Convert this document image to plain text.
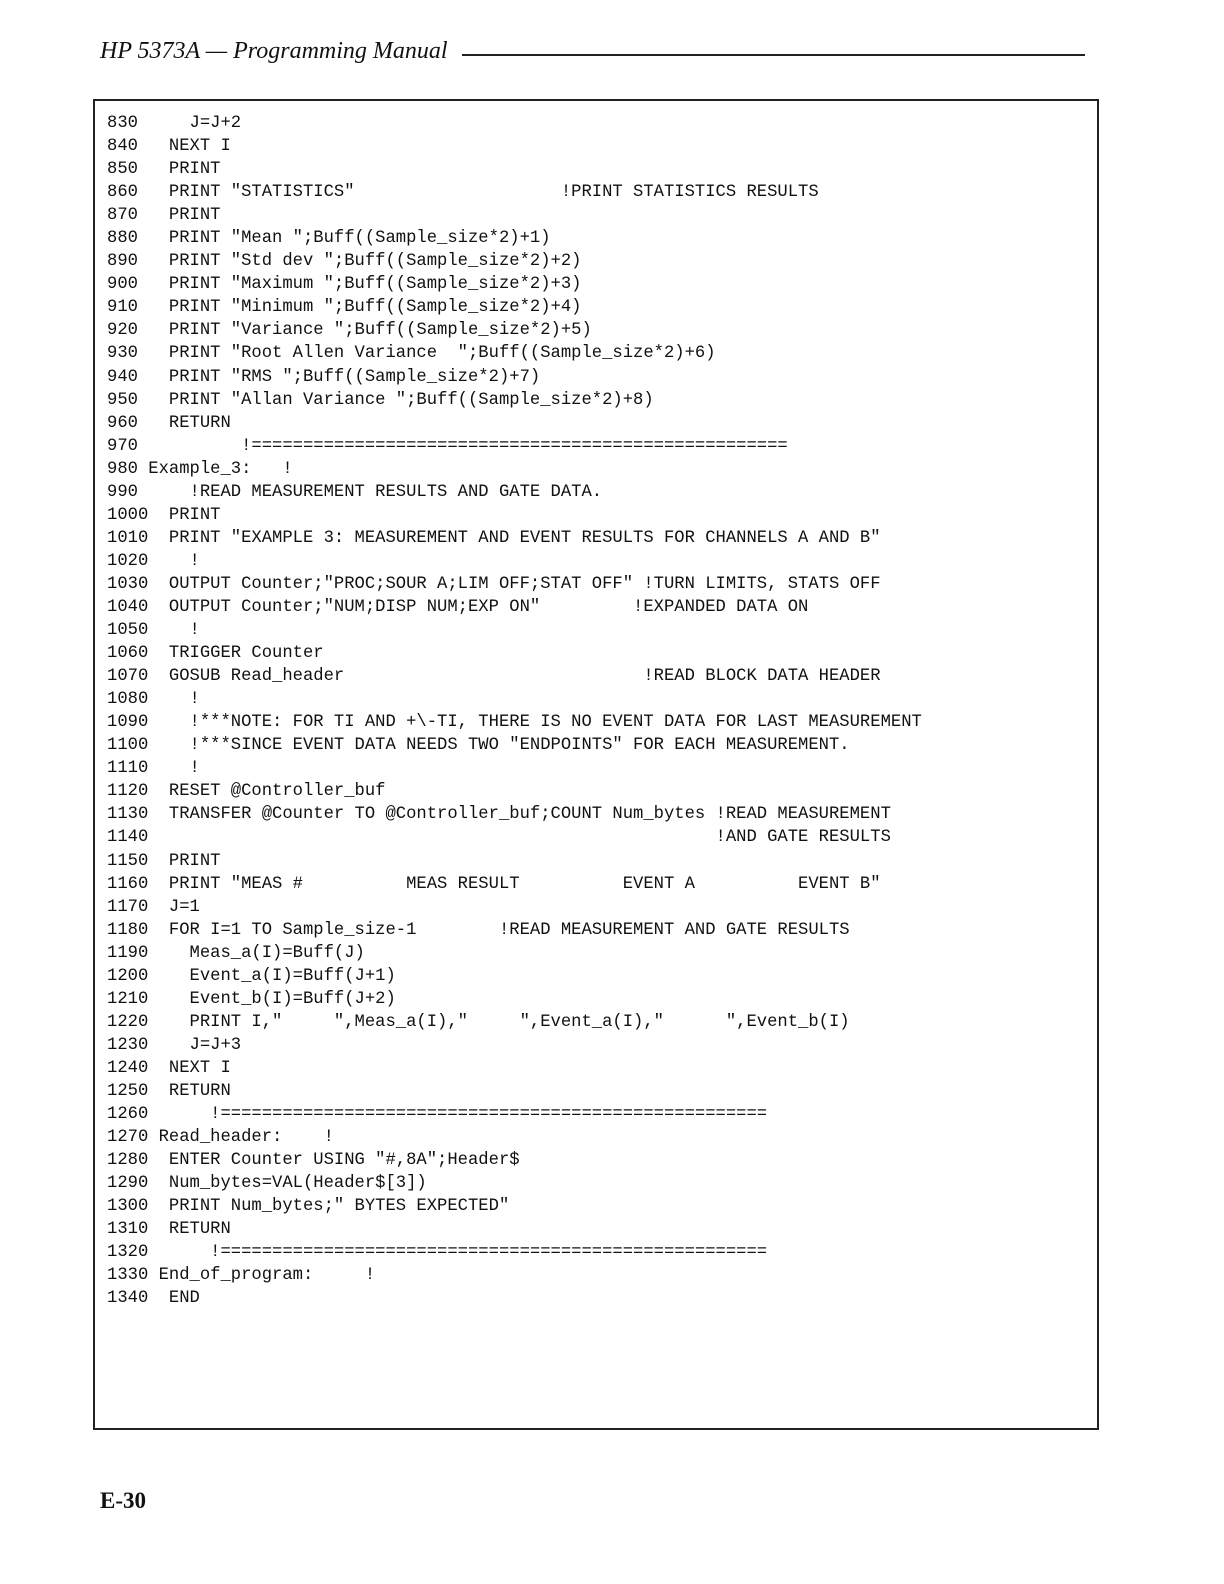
HP 5373A — Programming Manual
830     J=J+2
840   NEXT I
850   PRINT
860   PRINT "STATISTICS"                    !PRINT STATISTICS RESULTS
870   PRINT
880   PRINT "Mean ";Buff((Sample_size*2)+1)
890   PRINT "Std dev ";Buff((Sample_size*2)+2)
900   PRINT "Maximum ";Buff((Sample_size*2)+3)
910   PRINT "Minimum ";Buff((Sample_size*2)+4)
920   PRINT "Variance ";Buff((Sample_size*2)+5)
930   PRINT "Root Allen Variance  ";Buff((Sample_size*2)+6)
940   PRINT "RMS ";Buff((Sample_size*2)+7)
950   PRINT "Allan Variance ";Buff((Sample_size*2)+8)
960   RETURN
970          !====================================================
980 Example_3:   !
990     !READ MEASUREMENT RESULTS AND GATE DATA.
1000  PRINT
1010  PRINT "EXAMPLE 3: MEASUREMENT AND EVENT RESULTS FOR CHANNELS A AND B"
1020    !
1030  OUTPUT Counter;"PROC;SOUR A;LIM OFF;STAT OFF" !TURN LIMITS, STATS OFF
1040  OUTPUT Counter;"NUM;DISP NUM;EXP ON"         !EXPANDED DATA ON
1050    !
1060  TRIGGER Counter
1070  GOSUB Read_header                             !READ BLOCK DATA HEADER
1080    !
1090    !***NOTE: FOR TI AND +\-TI, THERE IS NO EVENT DATA FOR LAST MEASUREMENT
1100    !***SINCE EVENT DATA NEEDS TWO "ENDPOINTS" FOR EACH MEASUREMENT.
1110    !
1120  RESET @Controller_buf
1130  TRANSFER @Counter TO @Controller_buf;COUNT Num_bytes !READ MEASUREMENT
1140                                                       !AND GATE RESULTS
1150  PRINT
1160  PRINT "MEAS #          MEAS RESULT          EVENT A          EVENT B"
1170  J=1
1180  FOR I=1 TO Sample_size-1        !READ MEASUREMENT AND GATE RESULTS
1190    Meas_a(I)=Buff(J)
1200    Event_a(I)=Buff(J+1)
1210    Event_b(I)=Buff(J+2)
1220    PRINT I,"     ",Meas_a(I),"     ",Event_a(I),"      ",Event_b(I)
1230    J=J+3
1240  NEXT I
1250  RETURN
1260      !=====================================================
1270 Read_header:    !
1280  ENTER Counter USING "#,8A";Header$
1290  Num_bytes=VAL(Header$[3])
1300  PRINT Num_bytes;" BYTES EXPECTED"
1310  RETURN
1320      !=====================================================
1330 End_of_program:     !
1340  END
E-30
